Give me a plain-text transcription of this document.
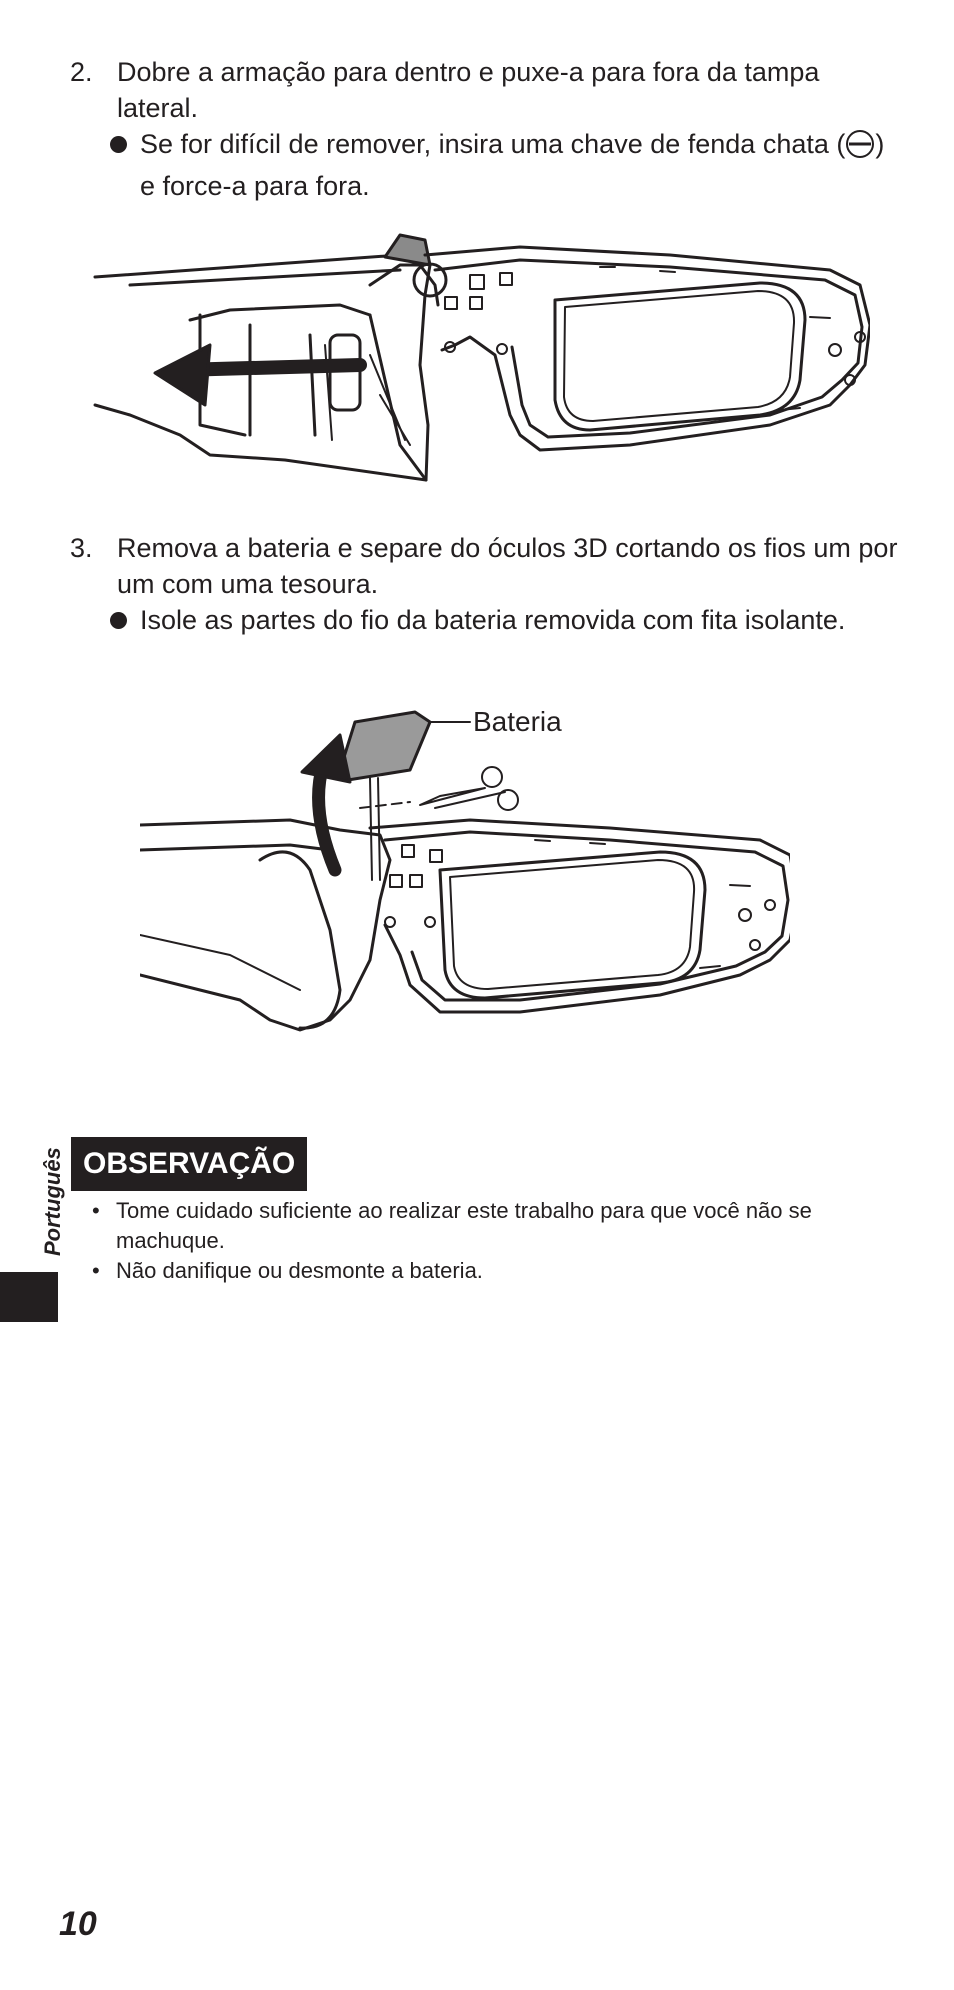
2. Dobre a armação para dentro e puxe-a para fora da tampa lateral.
Se for difícil de remover, insira uma chave de fenda chata ( ) e force-a para fora.
3. Remova a bateria e separe do óculos 3D cortando os fios um por um com uma tesoura.
Isole as partes do fio da bateria removida com fita isolante.
Bateria
OBSERVAÇÃO
• Tome cuidado suficiente ao realizar este trabalho para que você não se machuque.
• Não danifique ou desmonte a bateria.
Português
10
